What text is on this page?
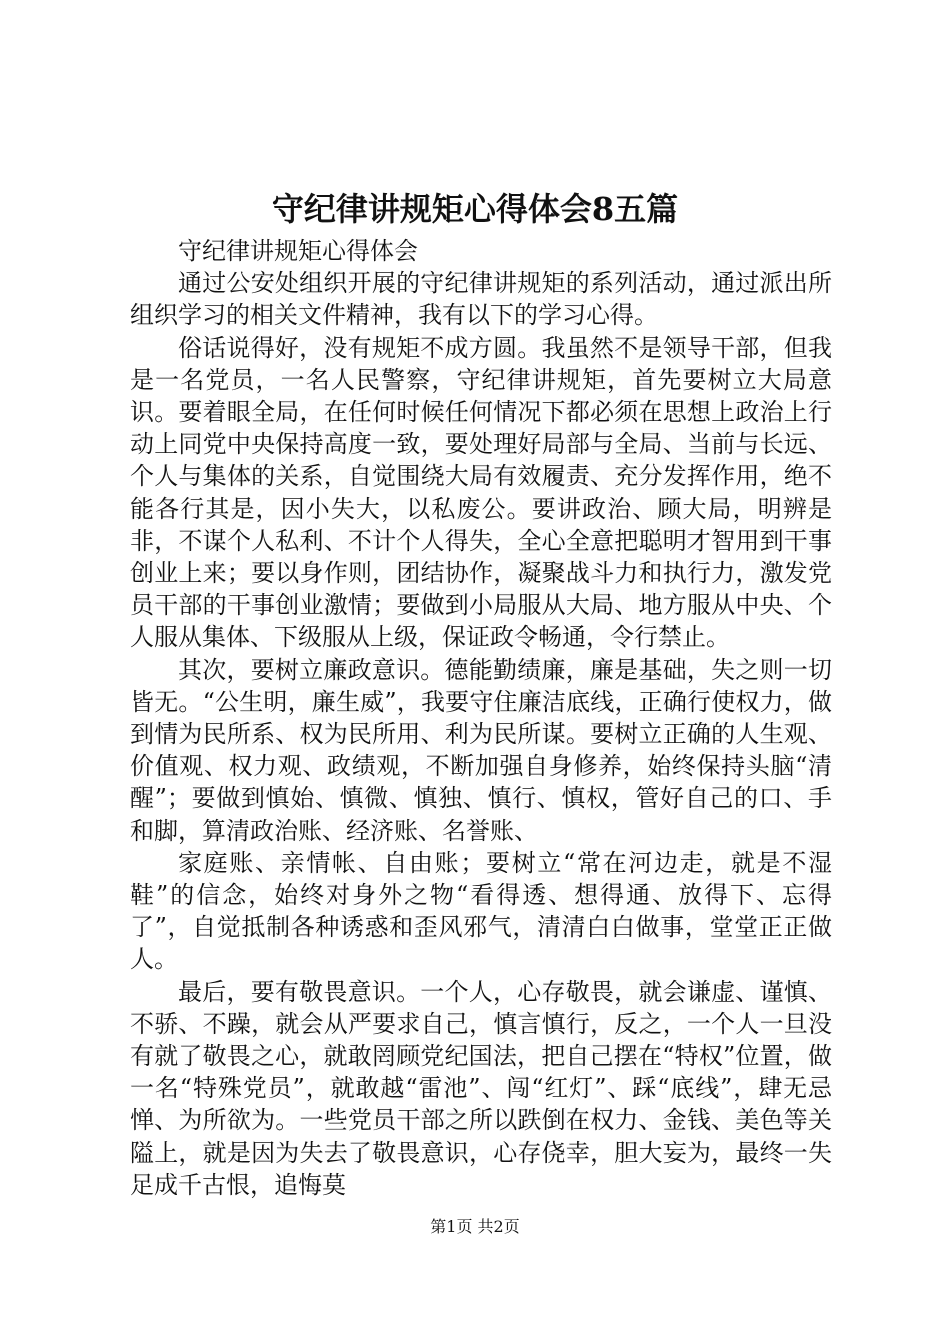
守纪律讲规矩心得体会8五篇

守纪律讲规矩心得体会

通过公安处组织开展的守纪律讲规矩的系列活动，通过派出所组织学习的相关文件精神，我有以下的学习心得。

俗话说得好，没有规矩不成方圆。我虽然不是领导干部，但我是一名党员，一名人民警察，守纪律讲规矩，首先要树立大局意识。要着眼全局，在任何时候任何情况下都必须在思想上政治上行动上同党中央保持高度一致，要处理好局部与全局、当前与长远、个人与集体的关系，自觉围绕大局有效履责、充分发挥作用，绝不能各行其是，因小失大，以私废公。要讲政治、顾大局，明辨是非，不谋个人私利、不计个人得失，全心全意把聪明才智用到干事创业上来；要以身作则，团结协作，凝聚战斗力和执行力，激发党员干部的干事创业激情；要做到小局服从大局、地方服从中央、个人服从集体、下级服从上级，保证政令畅通，令行禁止。

其次，要树立廉政意识。德能勤绩廉，廉是基础，失之则一切皆无。“公生明，廉生威”，我要守住廉洁底线，正确行使权力，做到情为民所系、权为民所用、利为民所谋。要树立正确的人生观、价值观、权力观、政绩观，不断加强自身修养，始终保持头脑“清醒”；要做到慎始、慎微、慎独、慎行、慎权，管好自己的口、手和脚，算清政治账、经济账、名誉账、

家庭账、亲情帐、自由账；要树立“常在河边走，就是不湿鞋”的信念，始终对身外之物“看得透、想得通、放得下、忘得了”，自觉抵制各种诱惑和歪风邪气，清清白白做事，堂堂正正做人。

最后，要有敬畏意识。一个人，心存敬畏，就会谦虚、谨慎、不骄、不躁，就会从严要求自己，慎言慎行，反之，一个人一旦没有就了敬畏之心，就敢罔顾党纪国法，把自己摆在“特权”位置，做一名“特殊党员”，就敢越“雷池”、闯“红灯”、踩“底线”，肆无忌惮、为所欲为。一些党员干部之所以跌倒在权力、金钱、美色等关隘上，就是因为失去了敬畏意识，心存侥幸，胆大妄为，最终一失足成千古恨，追悔莫

第1页 共2页
